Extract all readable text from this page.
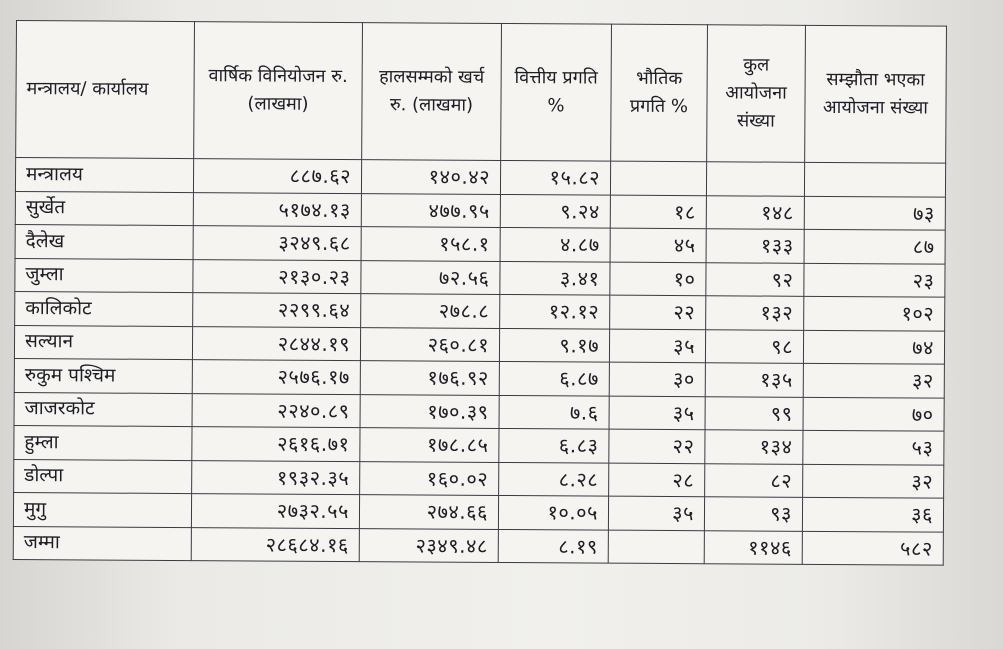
मन्त्रालय/ कार्यालय	वार्षिक विनियोजन रु. (लाखमा)	हालसम्मको खर्च रु. (लाखमा)	वित्तीय प्रगति %	भौतिक प्रगति %	कुल आयोजना संख्या	सम्झौता भएका आयोजना संख्या
मन्त्रालय	८८७.६२	१४०.४२	१५.८२			
सुर्खेत	५१७४.१३	४७७.९५	९.२४	१८	१४८	७३
दैलेख	३२४९.६८	१५८.१	४.८७	४५	१३३	८७
जुम्ला	२१३०.२३	७२.५६	३.४१	१०	९२	२३
कालिकोट	२२९९.६४	२७८.८	१२.१२	२२	१३२	१०२
सल्यान	२८४४.१९	२६०.८१	९.१७	३५	९८	७४
रुकुम पश्चिम	२५७६.१७	१७६.९२	६.८७	३०	१३५	३२
जाजरकोट	२२४०.८९	१७०.३९	७.६	३५	९९	७०
हुम्ला	२६१६.७१	१७८.८५	६.८३	२२	१३४	५३
डोल्पा	१९३२.३५	१६०.०२	८.२८	२८	८२	३२
मुगु	२७३२.५५	२७४.६६	१०.०५	३५	९३	३६
जम्मा	२८६८४.१६	२३४९.४८	८.१९		११४६	५८२
